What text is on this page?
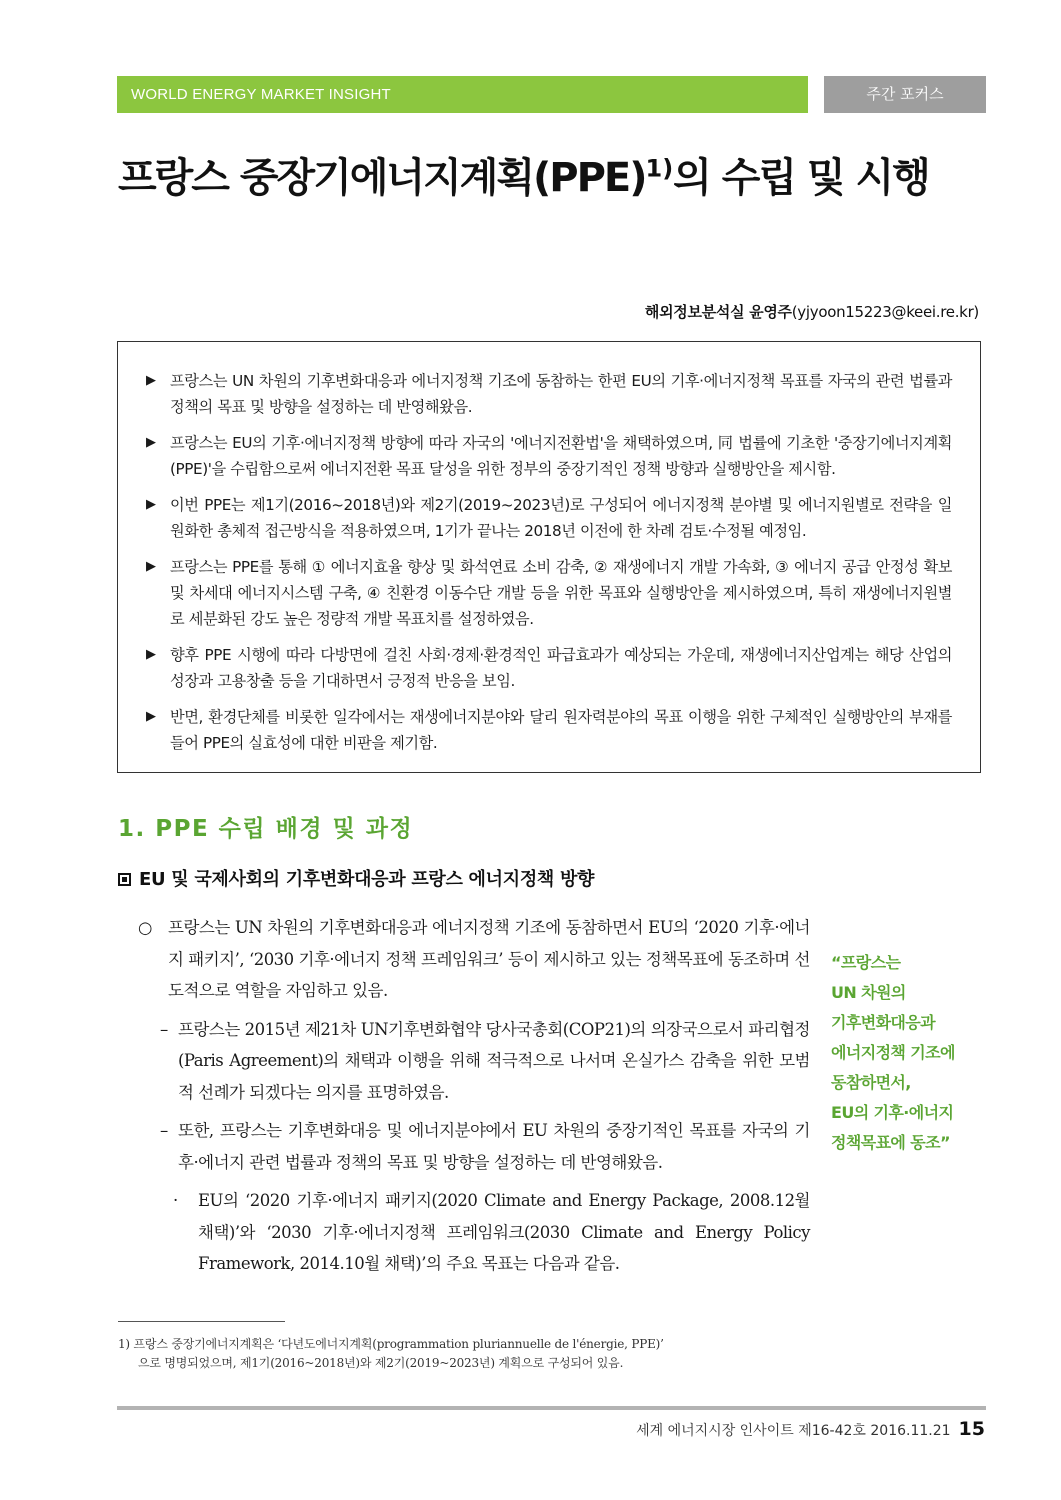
WORLD ENERGY MARKET INSIGHT	주간 포커스
프랑스 중장기에너지계획(PPE)$^{1)}$의 수립 및 시행
해외정보분석실 윤영주(yjyoon15223@keei.re.kr)
▶ 프랑스는 UN 차원의 기후변화대응과 에너지정책 기조에 동참하는 한편 EU의 기후·에너지정책 목표를 자국의 관련 법률과 정책의 목표 및 방향을 설정하는 데 반영해왔음.
▶ 프랑스는 EU의 기후·에너지정책 방향에 따라 자국의 '에너지전환법'을 채택하였으며, 同 법률에 기초한 '중장기에너지계획(PPE)'을 수립함으로써 에너지전환 목표 달성을 위한 정부의 중장기적인 정책 방향과 실행방안을 제시함.
▶ 이번 PPE는 제1기(2016~2018년)와 제2기(2019~2023년)로 구성되어 에너지정책 분야별 및 에너지원별로 전략을 일원화한 총체적 접근방식을 적용하였으며, 1기가 끝나는 2018년 이전에 한 차례 검토·수정될 예정임.
▶ 프랑스는 PPE를 통해 ① 에너지효율 향상 및 화석연료 소비 감축, ② 재생에너지 개발 가속화, ③ 에너지 공급 안정성 확보 및 차세대 에너지시스템 구축, ④ 친환경 이동수단 개발 등을 위한 목표와 실행방안을 제시하였으며, 특히 재생에너지원별로 세분화된 강도 높은 정량적 개발 목표치를 설정하였음.
▶ 향후 PPE 시행에 따라 다방면에 걸친 사회·경제·환경적인 파급효과가 예상되는 가운데, 재생에너지산업계는 해당 산업의 성장과 고용창출 등을 기대하면서 긍정적 반응을 보임.
▶ 반면, 환경단체를 비롯한 일각에서는 재생에너지분야와 달리 원자력분야의 목표 이행을 위한 구체적인 실행방안의 부재를 들어 PPE의 실효성에 대한 비판을 제기함.
1. PPE 수립 배경 및 과정
EU 및 국제사회의 기후변화대응과 프랑스 에너지정책 방향

○ 프랑스는 UN 차원의 기후변화대응과 에너지정책 기조에 동참하면서 EU의 ‘2020 기후·에너지 패키지’, ‘2030 기후·에너지 정책 프레임워크’ 등이 제시하고 있는 정책목표에 동조하며 선도적으로 역할을 자임하고 있음.

– 프랑스는 2015년 제21차 UN기후변화협약 당사국총회(COP21)의 의장국으로서 파리협정(Paris Agreement)의 채택과 이행을 위해 적극적으로 나서며 온실가스 감축을 위한 모범적 선례가 되겠다는 의지를 표명하였음.

– 또한, 프랑스는 기후변화대응 및 에너지분야에서 EU 차원의 중장기적인 목표를 자국의 기후·에너지 관련 법률과 정책의 목표 및 방향을 설정하는 데 반영해왔음.

· EU의 ‘2020 기후·에너지 패키지(2020 Climate and Energy Package, 2008.12월 채택)’와 ‘2030 기후·에너지정책 프레임워크(2030 Climate and Energy Policy Framework, 2014.10월 채택)’의 주요 목표는 다음과 같음.

“프랑스는
UN 차원의
기후변화대응과
에너지정책 기조에
동참하면서,
EU의 기후·에너지
정책목표에 동조”

1) 프랑스 중장기에너지계획은 ‘다년도에너지계획(programmation pluriannuelle de l'énergie, PPE)’

으로 명명되었으며, 제1기(2016~2018년)와 제2기(2019~2023년) 계획으로 구성되어 있음.

세계 에너지시장 인사이트 제16-42호 2016.11.21 15
